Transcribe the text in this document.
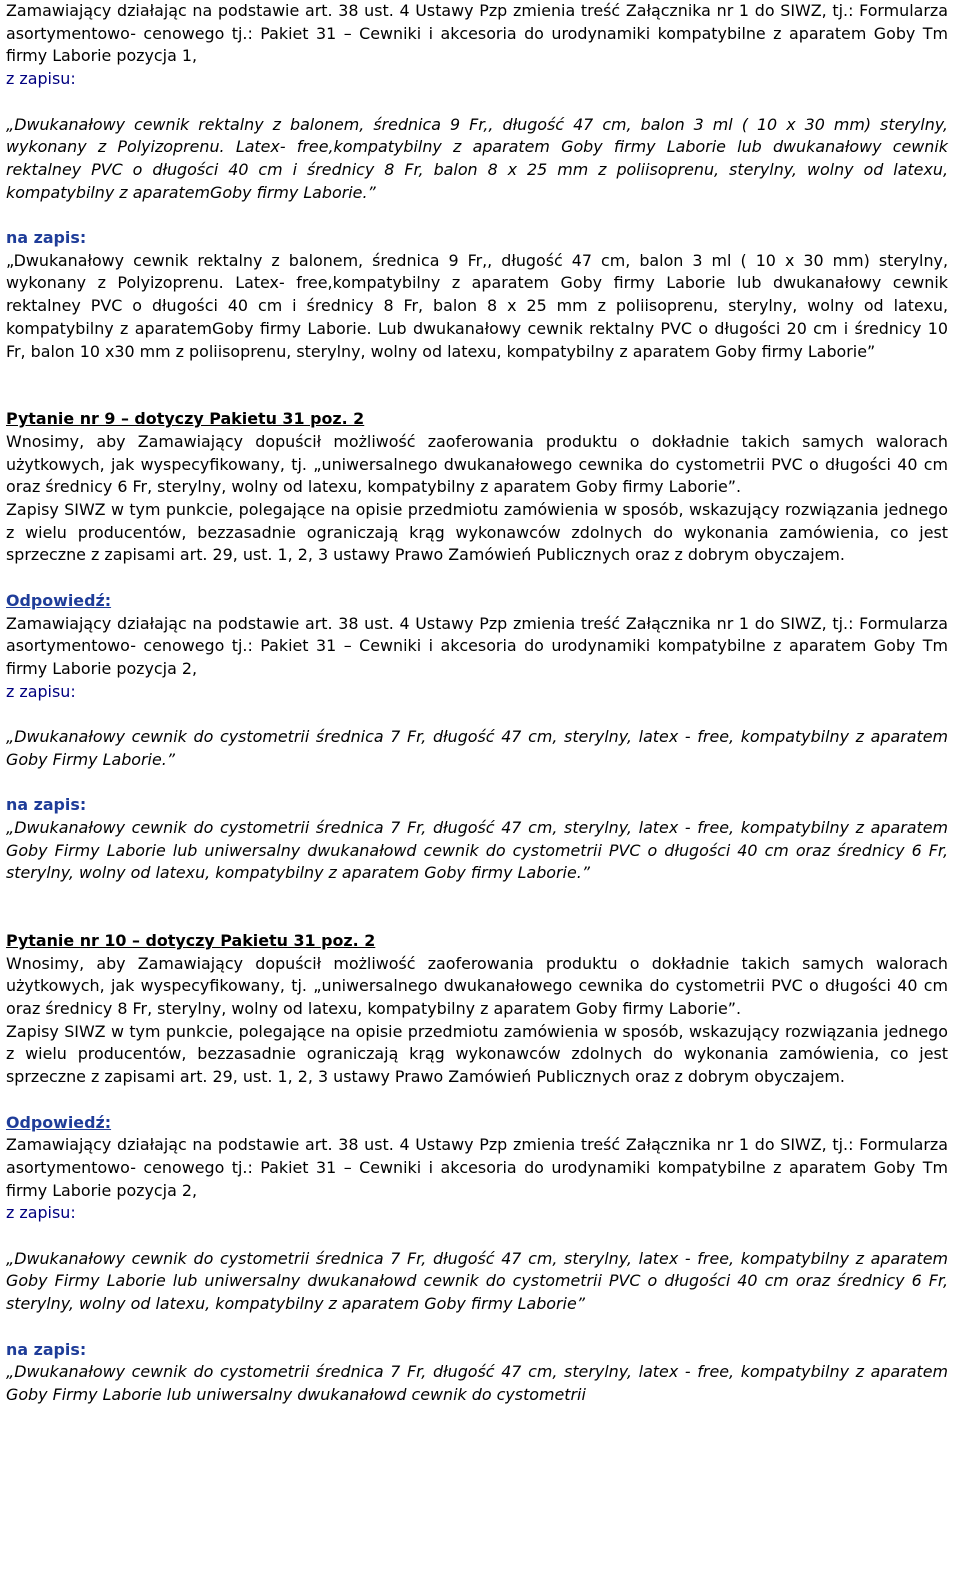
Zamawiający działając na podstawie art. 38 ust. 4 Ustawy Pzp zmienia treść Załącznika nr 1 do SIWZ, tj.: Formularza asortymentowo- cenowego tj.: Pakiet 31 – Cewniki i akcesoria do urodynamiki kompatybilne z aparatem Goby Tm firmy Laborie pozycja 1,

z zapisu:

„Dwukanałowy cewnik rektalny z balonem, średnica 9 Fr,, długość 47 cm, balon 3 ml ( 10 x 30 mm) sterylny, wykonany z Polyizoprenu. Latex- free,kompatybilny z aparatem Goby firmy Laborie lub dwukanałowy cewnik rektalney PVC o długości 40 cm i średnicy 8 Fr, balon 8 x 25 mm z poliisoprenu, sterylny, wolny od latexu, kompatybilny z aparatemGoby firmy Laborie.”

na zapis:

„Dwukanałowy cewnik rektalny z balonem, średnica 9 Fr,, długość 47 cm, balon 3 ml ( 10 x 30 mm) sterylny, wykonany z Polyizoprenu. Latex- free,kompatybilny z aparatem Goby firmy Laborie lub dwukanałowy cewnik rektalney PVC o długości 40 cm i średnicy 8 Fr, balon 8 x 25 mm z poliisoprenu, sterylny, wolny od latexu, kompatybilny z aparatemGoby firmy Laborie. Lub dwukanałowy cewnik rektalny PVC o długości 20 cm i średnicy 10 Fr, balon 10 x30 mm z poliisoprenu, sterylny, wolny od latexu, kompatybilny z aparatem Goby firmy Laborie”

Pytanie nr 9 – dotyczy Pakietu 31 poz. 2

Wnosimy, aby Zamawiający dopuścił możliwość zaoferowania produktu o dokładnie takich samych walorach użytkowych, jak wyspecyfikowany, tj. „uniwersalnego dwukanałowego cewnika do cystometrii PVC o długości 40 cm oraz średnicy 6 Fr, sterylny, wolny od latexu, kompatybilny z aparatem Goby firmy Laborie”.

Zapisy SIWZ w tym punkcie, polegające na opisie przedmiotu zamówienia w sposób, wskazujący rozwiązania jednego z wielu producentów, bezzasadnie ograniczają krąg wykonawców zdolnych do wykonania zamówienia, co jest sprzeczne z zapisami art. 29, ust. 1, 2, 3 ustawy Prawo Zamówień Publicznych oraz z dobrym obyczajem.

Odpowiedź:

Zamawiający działając na podstawie art. 38 ust. 4 Ustawy Pzp zmienia treść Załącznika nr 1 do SIWZ, tj.: Formularza asortymentowo- cenowego tj.: Pakiet 31 – Cewniki i akcesoria do urodynamiki kompatybilne z aparatem Goby Tm firmy Laborie pozycja 2,

z zapisu:

„Dwukanałowy cewnik do cystometrii średnica 7 Fr, długość 47 cm, sterylny, latex - free, kompatybilny z aparatem Goby Firmy Laborie.”

na zapis:

„Dwukanałowy cewnik do cystometrii średnica 7 Fr, długość 47 cm, sterylny, latex - free, kompatybilny z aparatem Goby Firmy Laborie lub uniwersalny dwukanałowd cewnik do cystometrii PVC o długości 40 cm oraz średnicy 6 Fr, sterylny, wolny od latexu, kompatybilny z aparatem Goby firmy Laborie.”

Pytanie nr 10 – dotyczy Pakietu 31 poz. 2

Wnosimy, aby Zamawiający dopuścił możliwość zaoferowania produktu o dokładnie takich samych walorach użytkowych, jak wyspecyfikowany, tj. „uniwersalnego dwukanałowego cewnika do cystometrii PVC o długości 40 cm oraz średnicy 8 Fr, sterylny, wolny od latexu, kompatybilny z aparatem Goby firmy Laborie”.

Zapisy SIWZ w tym punkcie, polegające na opisie przedmiotu zamówienia w sposób, wskazujący rozwiązania jednego z wielu producentów, bezzasadnie ograniczają krąg wykonawców zdolnych do wykonania zamówienia, co jest sprzeczne z zapisami art. 29, ust. 1, 2, 3 ustawy Prawo Zamówień Publicznych oraz z dobrym obyczajem.

Odpowiedź:

Zamawiający działając na podstawie art. 38 ust. 4 Ustawy Pzp zmienia treść Załącznika nr 1 do SIWZ, tj.: Formularza asortymentowo- cenowego tj.: Pakiet 31 – Cewniki i akcesoria do urodynamiki kompatybilne z aparatem Goby Tm firmy Laborie pozycja 2,

z zapisu:

„Dwukanałowy cewnik do cystometrii średnica 7 Fr, długość 47 cm, sterylny, latex - free, kompatybilny z aparatem Goby Firmy Laborie lub uniwersalny dwukanałowd cewnik do cystometrii PVC o długości 40 cm oraz średnicy 6 Fr, sterylny, wolny od latexu, kompatybilny z aparatem Goby firmy Laborie”

na zapis:

„Dwukanałowy cewnik do cystometrii średnica 7 Fr, długość 47 cm, sterylny, latex - free, kompatybilny z aparatem Goby Firmy Laborie lub uniwersalny dwukanałowd cewnik do cystometrii
